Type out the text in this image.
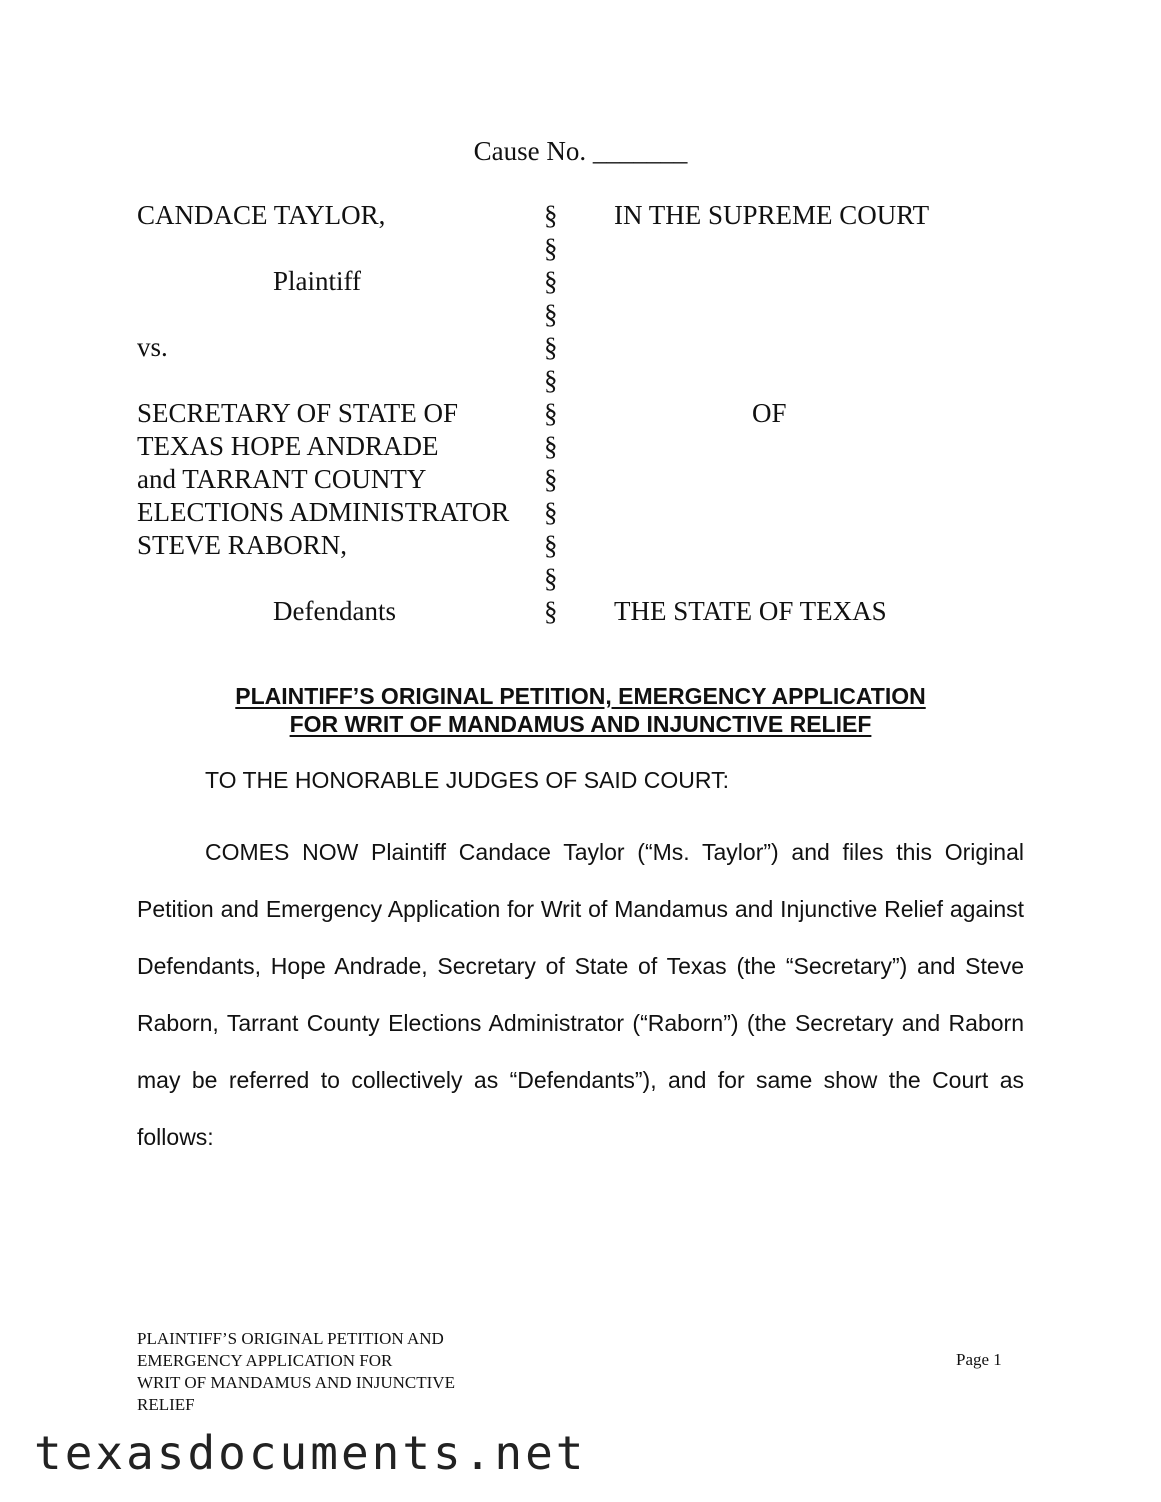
Cause No. _______
CANDACE TAYLOR,	§ IN THE SUPREME COURT
§
Plaintiff	§
§
vs.	§
§
SECRETARY OF STATE OF	§	OF
TEXAS HOPE ANDRADE	§
and TARRANT COUNTY	§
ELECTIONS ADMINISTRATOR §
STEVE RABORN,	§
§
Defendants	§ THE STATE OF TEXAS
PLAINTIFF’S ORIGINAL PETITION, EMERGENCY APPLICATION
FOR WRIT OF MANDAMUS AND INJUNCTIVE RELIEF
TO THE HONORABLE JUDGES OF SAID COURT:
COMES NOW Plaintiff Candace Taylor (“Ms. Taylor”) and files this Original Petition and Emergency Application for Writ of Mandamus and Injunctive Relief against Defendants, Hope Andrade, Secretary of State of Texas (the “Secretary”) and Steve Raborn, Tarrant County Elections Administrator (“Raborn”) (the Secretary and Raborn may be referred to collectively as “Defendants”), and for same show the Court as follows:
PLAINTIFF’S ORIGINAL PETITION AND
EMERGENCY APPLICATION FOR
WRIT OF MANDAMUS AND INJUNCTIVE
RELIEF
Page 1
texasdocuments.net
